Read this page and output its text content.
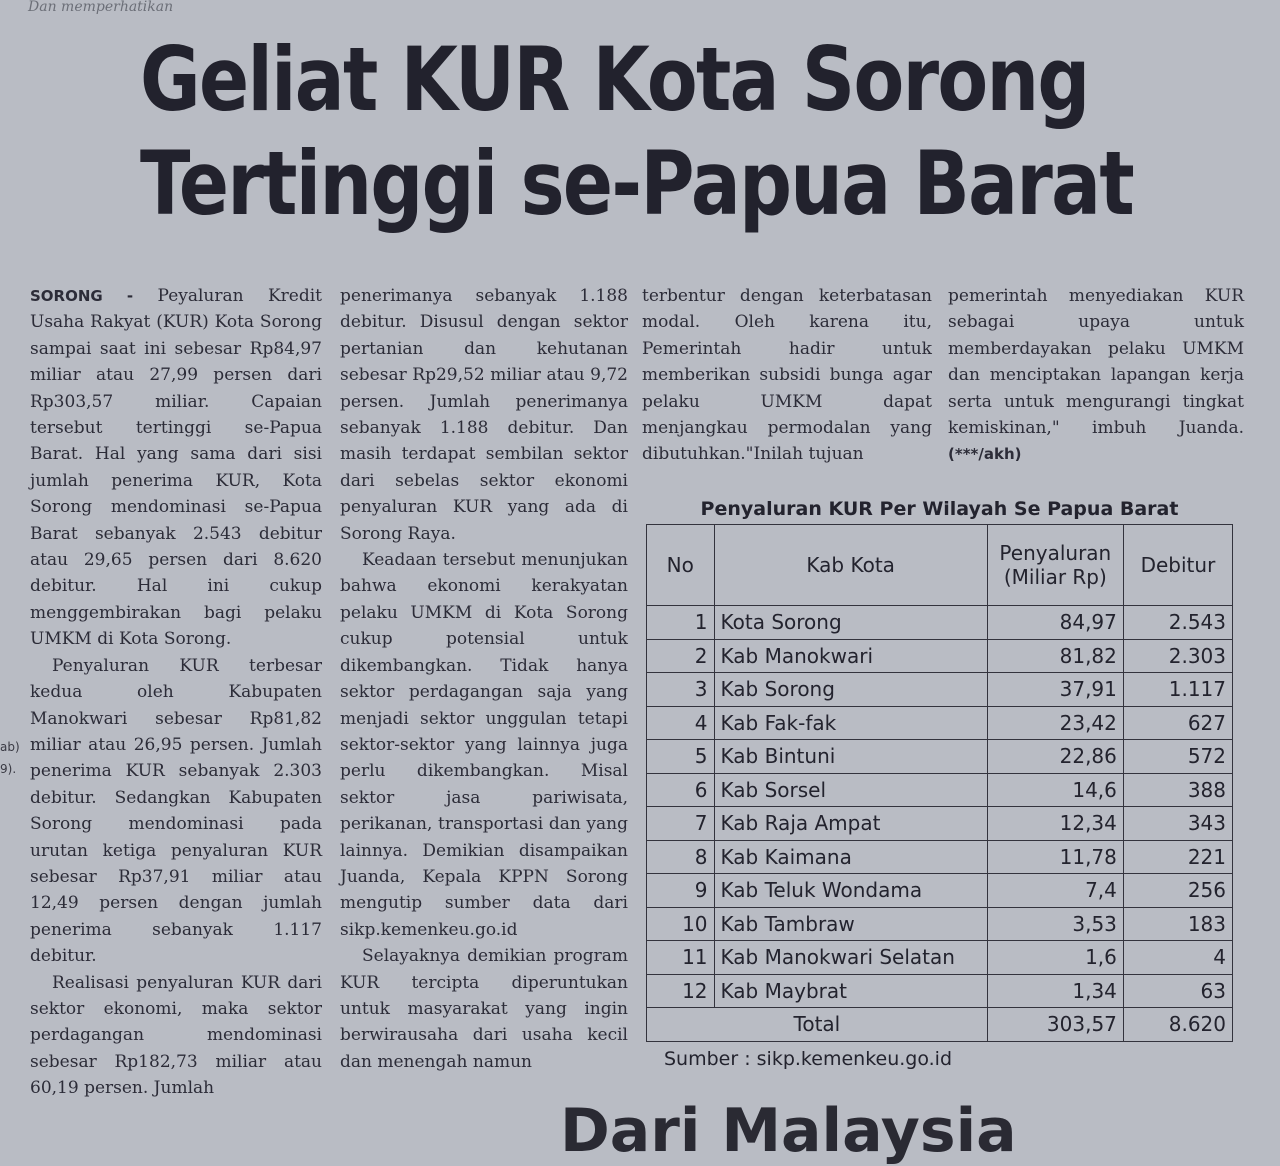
Dan memperhatikan
Geliat KUR Kota Sorong
Tertinggi se-Papua Barat

SORONG - Peyaluran Kredit Usaha Rakyat (KUR) Kota Sorong sampai saat ini sebesar Rp84,97 miliar atau 27,99 persen dari Rp303,57 miliar. Capaian tersebut tertinggi se-Papua Barat. Hal yang sama dari sisi jumlah penerima KUR, Kota Sorong mendominasi se-Papua Barat sebanyak 2.543 debitur atau 29,65 persen dari 8.620 debitur. Hal ini cukup menggembirakan bagi pelaku UMKM di Kota Sorong.

Penyaluran KUR terbesar kedua oleh Kabupaten Manokwari sebesar Rp81,82 miliar atau 26,95 persen. Jumlah penerima KUR sebanyak 2.303 debitur. Sedangkan Kabupaten Sorong mendominasi pada urutan ketiga penyaluran KUR sebesar Rp37,91 miliar atau 12,49 persen dengan jumlah penerima sebanyak 1.117 debitur.

Realisasi penyaluran KUR dari sektor ekonomi, maka sektor perdagangan mendominasi sebesar Rp182,73 miliar atau 60,19 persen. Jumlah

penerimanya sebanyak 1.188 debitur. Disusul dengan sektor pertanian dan kehutanan sebesar Rp29,52 miliar atau 9,72 persen. Jumlah penerimanya sebanyak 1.188 debitur. Dan masih terdapat sembilan sektor dari sebelas sektor ekonomi penyaluran KUR yang ada di Sorong Raya.

Keadaan tersebut menunjukan bahwa ekonomi kerakyatan pelaku UMKM di Kota Sorong cukup potensial untuk dikembangkan. Tidak hanya sektor perdagangan saja yang menjadi sektor unggulan tetapi sektor-sektor yang lainnya juga perlu dikembangkan. Misal sektor jasa pariwisata, perikanan, transportasi dan yang lainnya. Demikian disampaikan Juanda, Kepala KPPN Sorong mengutip sumber data dari sikp.kemenkeu.go.id

Selayaknya demikian program KUR tercipta diperuntukan untuk masyarakat yang ingin berwirausaha dari usaha kecil dan menengah namun

terbentur dengan keterbatasan modal. Oleh karena itu, Pemerintah hadir untuk memberikan subsidi bunga agar pelaku UMKM dapat menjangkau permodalan yang dibutuhkan."Inilah tujuan

pemerintah menyediakan KUR sebagai upaya untuk memberdayakan pelaku UMKM dan menciptakan lapangan kerja serta untuk mengurangi tingkat kemiskinan," imbuh Juanda.(***/akh)

ab)
9).
Penyaluran KUR Per Wilayah Se Papua Barat
No	Kab Kota	Penyaluran (Miliar Rp)	Debitur
1	Kota Sorong	84,97	2.543
2	Kab Manokwari	81,82	2.303
3	Kab Sorong	37,91	1.117
4	Kab Fak-fak	23,42	627
5	Kab Bintuni	22,86	572
6	Kab Sorsel	14,6	388
7	Kab Raja Ampat	12,34	343
8	Kab Kaimana	11,78	221
9	Kab Teluk Wondama	7,4	256
10	Kab Tambraw	3,53	183
11	Kab Manokwari Selatan	1,6	4
12	Kab Maybrat	1,34	63
Total		303,57	8.620
Sumber : sikp.kemenkeu.go.id
Dari Malaysia
